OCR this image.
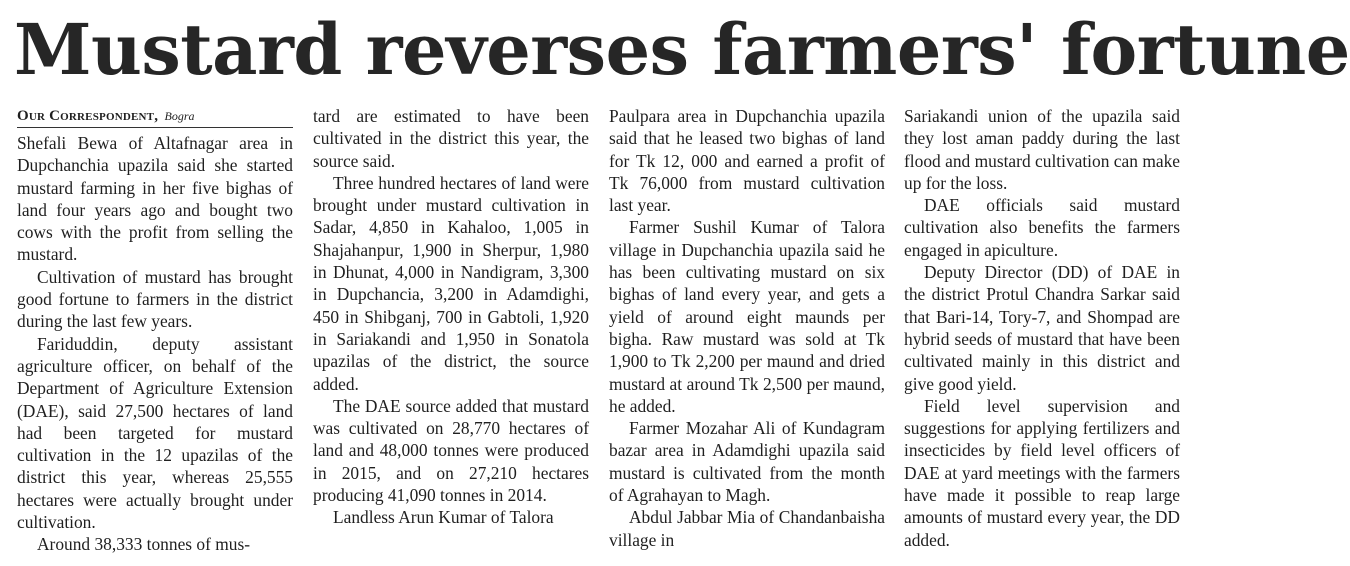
Mustard reverses farmers' fortune
Our Correspondent, Bogra

Shefali Bewa of Altafnagar area in Dupchanchia upazila said she started mustard farming in her five bighas of land four years ago and bought two cows with the profit from selling the mustard.

Cultivation of mustard has brought good fortune to farmers in the district during the last few years.

Fariduddin, deputy assistant agriculture officer, on behalf of the Department of Agriculture Extension (DAE), said 27,500 hectares of land had been targeted for mustard cultivation in the 12 upazilas of the district this year, whereas 25,555 hectares were actually brought under cultivation.

Around 38,333 tonnes of mus-

tard are estimated to have been cultivated in the district this year, the source said.

Three hundred hectares of land were brought under mustard cultivation in Sadar, 4,850 in Kahaloo, 1,005 in Shajahanpur, 1,900 in Sherpur, 1,980 in Dhunat, 4,000 in Nandigram, 3,300 in Dupchancia, 3,200 in Adamdighi, 450 in Shibganj, 700 in Gabtoli, 1,920 in Sariakandi and 1,950 in Sonatola upazilas of the district, the source added.

The DAE source added that mustard was cultivated on 28,770 hectares of land and 48,000 tonnes were produced in 2015, and on 27,210 hectares producing 41,090 tonnes in 2014.

Landless Arun Kumar of Talora

Paulpara area in Dupchanchia upazila said that he leased two bighas of land for Tk 12, 000 and earned a profit of Tk 76,000 from mustard cultivation last year.

Farmer Sushil Kumar of Talora village in Dupchanchia upazila said he has been cultivating mustard on six bighas of land every year, and gets a yield of around eight maunds per bigha. Raw mustard was sold at Tk 1,900 to Tk 2,200 per maund and dried mustard at around Tk 2,500 per maund, he added.

Farmer Mozahar Ali of Kundagram bazar area in Adamdighi upazila said mustard is cultivated from the month of Agrahayan to Magh.

Abdul Jabbar Mia of Chandanbaisha village in

Sariakandi union of the upazila said they lost aman paddy during the last flood and mustard cultivation can make up for the loss.

DAE officials said mustard cultivation also benefits the farmers engaged in apiculture.

Deputy Director (DD) of DAE in the district Protul Chandra Sarkar said that Bari-14, Tory-7, and Shompad are hybrid seeds of mustard that have been cultivated mainly in this district and give good yield.

Field level supervision and suggestions for applying fertilizers and insecticides by field level officers of DAE at yard meetings with the farmers have made it possible to reap large amounts of mustard every year, the DD added.
